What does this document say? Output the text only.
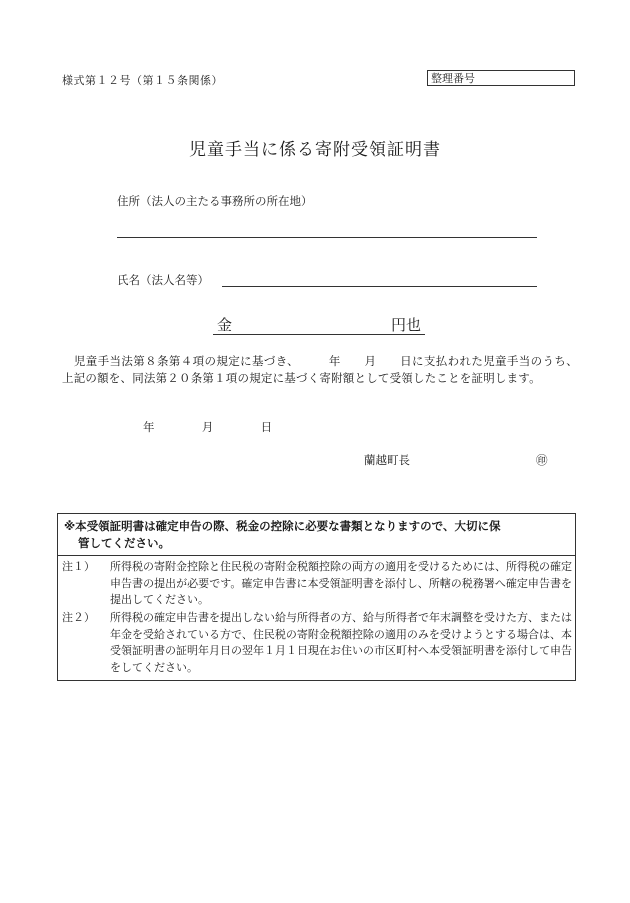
様式第１２号（第１５条関係）	整理番号
児童手当に係る寄附受領証明書
住所（法人の主たる事務所の所在地）
氏名（法人名等）
金	円也
　児童手当法第８条第４項の規定に基づき、　　　年　　月　　日に支払われた児童手当のうち、上記の額を、同法第２０条第１項の規定に基づく寄附額として受領したことを証明します。
年	月	日
蘭越町長	㊞
※本受領証明書は確定申告の際、税金の控除に必要な書類となりますので、大切に保
管してください。
注１） 所得税の寄附金控除と住民税の寄附金税額控除の両方の適用を受けるためには、所得税の確定申告書の提出が必要です。確定申告書に本受領証明書を添付し、所轄の税務署へ確定申告書を提出してください。
注２） 所得税の確定申告書を提出しない給与所得者の方、給与所得者で年末調整を受けた方、または年金を受給されている方で、住民税の寄附金税額控除の適用のみを受けようとする場合は、本受領証明書の証明年月日の翌年１月１日現在お住いの市区町村へ本受領証明書を添付して申告をしてください。
